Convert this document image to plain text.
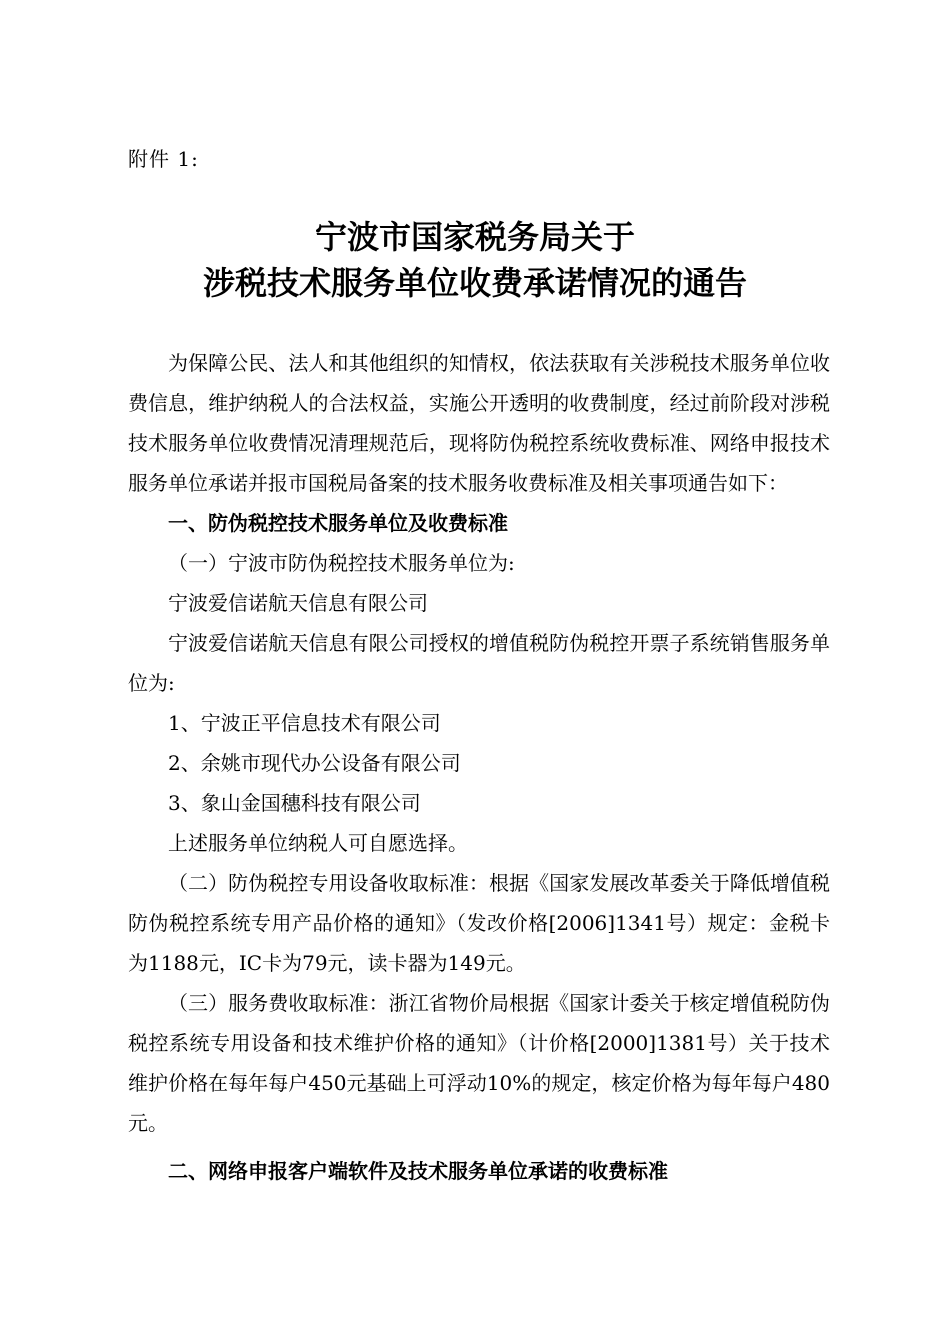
附件 1:

宁波市国家税务局关于
涉税技术服务单位收费承诺情况的通告

为保障公民、法人和其他组织的知情权，依法获取有关涉税技术服务单位收费信息，维护纳税人的合法权益，实施公开透明的收费制度，经过前阶段对涉税技术服务单位收费情况清理规范后，现将防伪税控系统收费标准、网络申报技术服务单位承诺并报市国税局备案的技术服务收费标准及相关事项通告如下：

一、防伪税控技术服务单位及收费标准

（一）宁波市防伪税控技术服务单位为:

宁波爱信诺航天信息有限公司

宁波爱信诺航天信息有限公司授权的增值税防伪税控开票子系统销售服务单位为:

1、宁波正平信息技术有限公司

2、余姚市现代办公设备有限公司

3、象山金国穗科技有限公司

上述服务单位纳税人可自愿选择。

（二）防伪税控专用设备收取标准：根据《国家发展改革委关于降低增值税防伪税控系统专用产品价格的通知》（发改价格[2006]1341号）规定：金税卡为1188元，IC卡为79元，读卡器为149元。

（三）服务费收取标准：浙江省物价局根据《国家计委关于核定增值税防伪税控系统专用设备和技术维护价格的通知》（计价格[2000]1381号）关于技术维护价格在每年每户450元基础上可浮动10%的规定，核定价格为每年每户480元。

二、网络申报客户端软件及技术服务单位承诺的收费标准
